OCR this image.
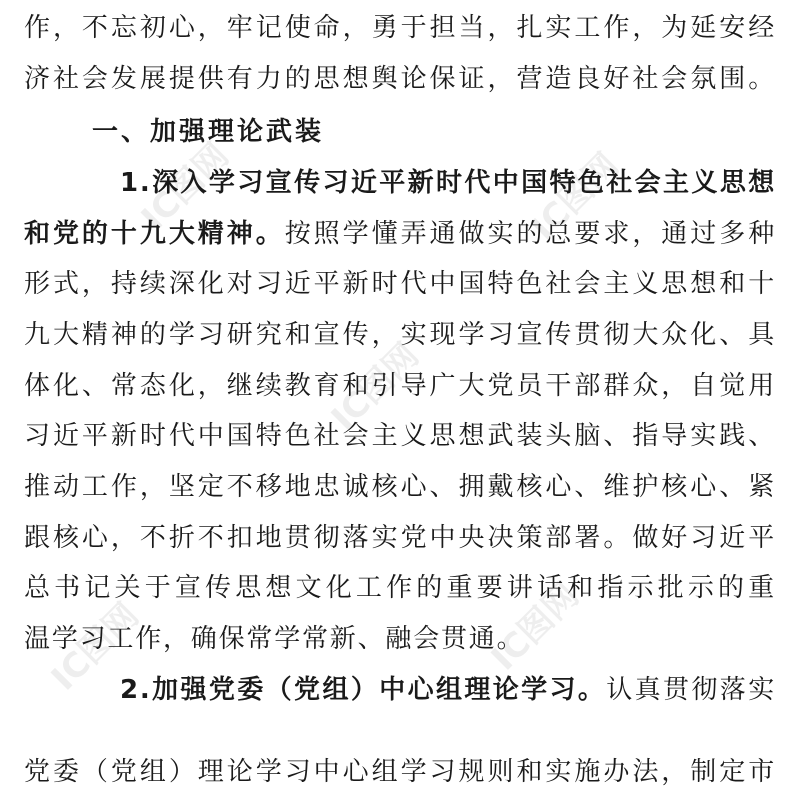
IC图网	IC图网
IC图网
IC图网	IC图网
作，不忘初心，牢记使命，勇于担当，扎实工作，为延安经
济社会发展提供有力的思想舆论保证，营造良好社会氛围。
一、加强理论武装
1.深入学习宣传习近平新时代中国特色社会主义思想
和党的十九大精神。按照学懂弄通做实的总要求，通过多种
形式，持续深化对习近平新时代中国特色社会主义思想和十
九大精神的学习研究和宣传，实现学习宣传贯彻大众化、具
体化、常态化，继续教育和引导广大党员干部群众，自觉用
习近平新时代中国特色社会主义思想武装头脑、指导实践、
推动工作，坚定不移地忠诚核心、拥戴核心、维护核心、紧
跟核心，不折不扣地贯彻落实党中央决策部署。做好习近平
总书记关于宣传思想文化工作的重要讲话和指示批示的重
温学习工作，确保常学常新、融会贯通。
2.加强党委（党组）中心组理论学习。认真贯彻落实
党委（党组）理论学习中心组学习规则和实施办法，制定市
